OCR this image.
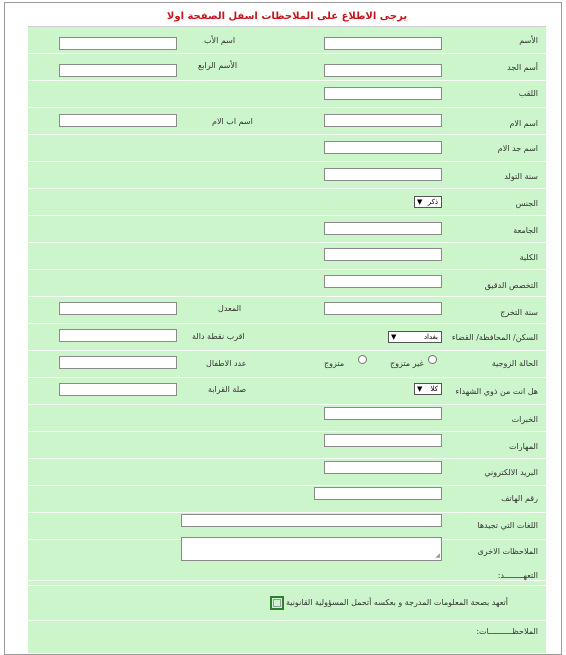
يرجى الاطلاع على الملاحظات اسفل الصفحة اولا
الأسم
اسم الأب
أسم الجد
الأسم الرابع
اللقب
اسم الام
اسم اب الام
اسم جد الام
سنة التولد
الجنس
▼ ذكر
الجامعة
الكلية
التخصص الدقيق
سنة التخرج
المعدل
السكن/ المحافظة/ القضاء
▼	بغداد
اقرب نقطة دالة
الحالة الزوجية
غير متزوج
متزوج
عدد الاطفال
هل انت من ذوي الشهداء
▼ كلا
صلة القرابة
الخبرات
المهارات
البريد الالكتروني
رقم الهاتف
اللغات التي تجيدها
الملاحظات الاخرى
◢
التعهــــــــد:
أتعهد بصحة المعلومات المدرجة و بعكسه أتحمل المسؤولية القانونية
الملاحظــــــــــات:
